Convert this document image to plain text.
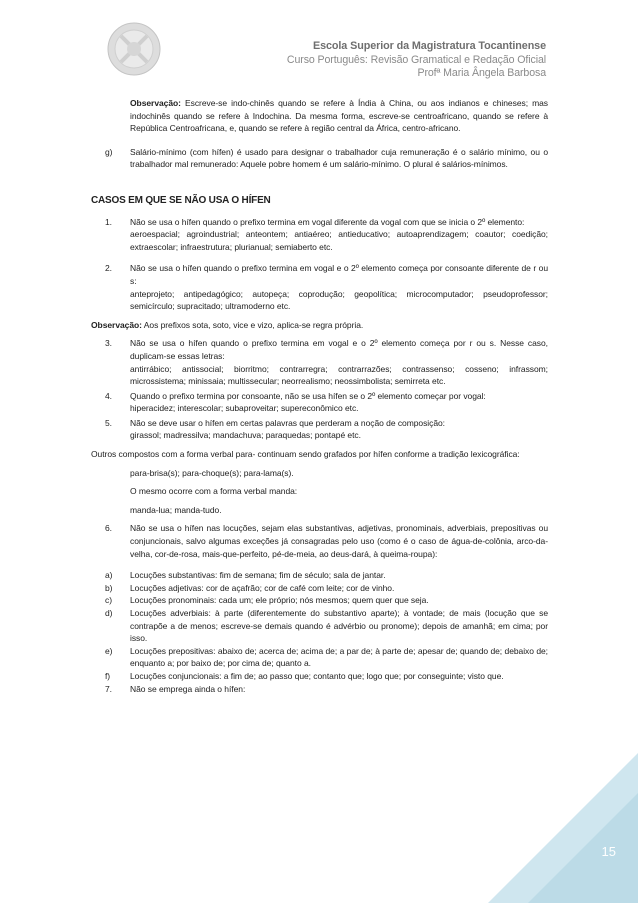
Escola Superior da Magistratura Tocantinense
Curso Português: Revisão Gramatical e Redação Oficial
Profª Maria Ângela Barbosa

Observação: Escreve-se indo-chinês quando se refere à Índia à China, ou aos indianos e chineses; mas indochinês quando se refere à Indochina. Da mesma forma, escreve-se centroafricano, quando se refere à República Centroafricana, e, quando se refere à região central da África, centro-africano.

g) Salário-mínimo (com hífen) é usado para designar o trabalhador cuja remuneração é o salário mínimo, ou o trabalhador mal remunerado: Aquele pobre homem é um salário-mínimo. O plural é salários-mínimos.

CASOS EM QUE SE NÃO USA O HÍFEN
1. Não se usa o hífen quando o prefixo termina em vogal diferente da vogal com que se inicia o 2º elemento:

aeroespacial; agroindustrial; anteontem; antiaéreo; antieducativo; autoaprendizagem; coautor; coedição; extraescolar; infraestrutura; plurianual; semiaberto etc.

2. Não se usa o hífen quando o prefixo termina em vogal e o 2º elemento começa por consoante diferente de r ou s:

anteprojeto; antipedagógico; autopeça; coprodução; geopolítica; microcomputador; pseudoprofessor; semicírculo; supracitado; ultramoderno etc.

Observação: Aos prefixos sota, soto, vice e vizo, aplica-se regra própria.

3. Não se usa o hífen quando o prefixo termina em vogal e o 2º elemento começa por r ou s. Nesse caso, duplicam-se essas letras:

antirrábico; antissocial; biorritmo; contrarregra; contrarrazões; contrassenso; cosseno; infrassom; microssistema; minissaia; multissecular; neorrealismo; neossimbolista; semirreta etc.

4. Quando o prefixo termina por consoante, não se usa hífen se o 2º elemento começar por vogal:

hiperacidez; interescolar; subaproveitar; supereconômico etc.

5. Não se deve usar o hífen em certas palavras que perderam a noção de composição:

girassol; madressilva; mandachuva; paraquedas; pontapé etc.

Outros compostos com a forma verbal para- continuam sendo grafados por hífen conforme a tradição lexicográfica:

para-brisa(s); para-choque(s); para-lama(s).

O mesmo ocorre com a forma verbal manda:

manda-lua; manda-tudo.

6. Não se usa o hífen nas locuções, sejam elas substantivas, adjetivas, pronominais, adverbiais, prepositivas ou conjuncionais, salvo algumas exceções já consagradas pelo uso (como é o caso de água-de-colônia, arco-da-velha, cor-de-rosa, mais-que-perfeito, pé-de-meia, ao deus-dará, à queima-roupa):

a) Locuções substantivas: fim de semana; fim de século; sala de jantar.

b) Locuções adjetivas: cor de açafrão; cor de café com leite; cor de vinho.

c) Locuções pronominais: cada um; ele próprio; nós mesmos; quem quer que seja.

d) Locuções adverbiais: à parte (diferentemente do substantivo aparte); à vontade; de mais (locução que se contrapõe a de menos; escreve-se demais quando é advérbio ou pronome); depois de amanhã; em cima; por isso.

e) Locuções prepositivas: abaixo de; acerca de; acima de; a par de; à parte de; apesar de; quando de; debaixo de; enquanto a; por baixo de; por cima de; quanto a.

f) Locuções conjuncionais: a fim de; ao passo que; contanto que; logo que; por conseguinte; visto que.

7. Não se emprega ainda o hífen:

15
